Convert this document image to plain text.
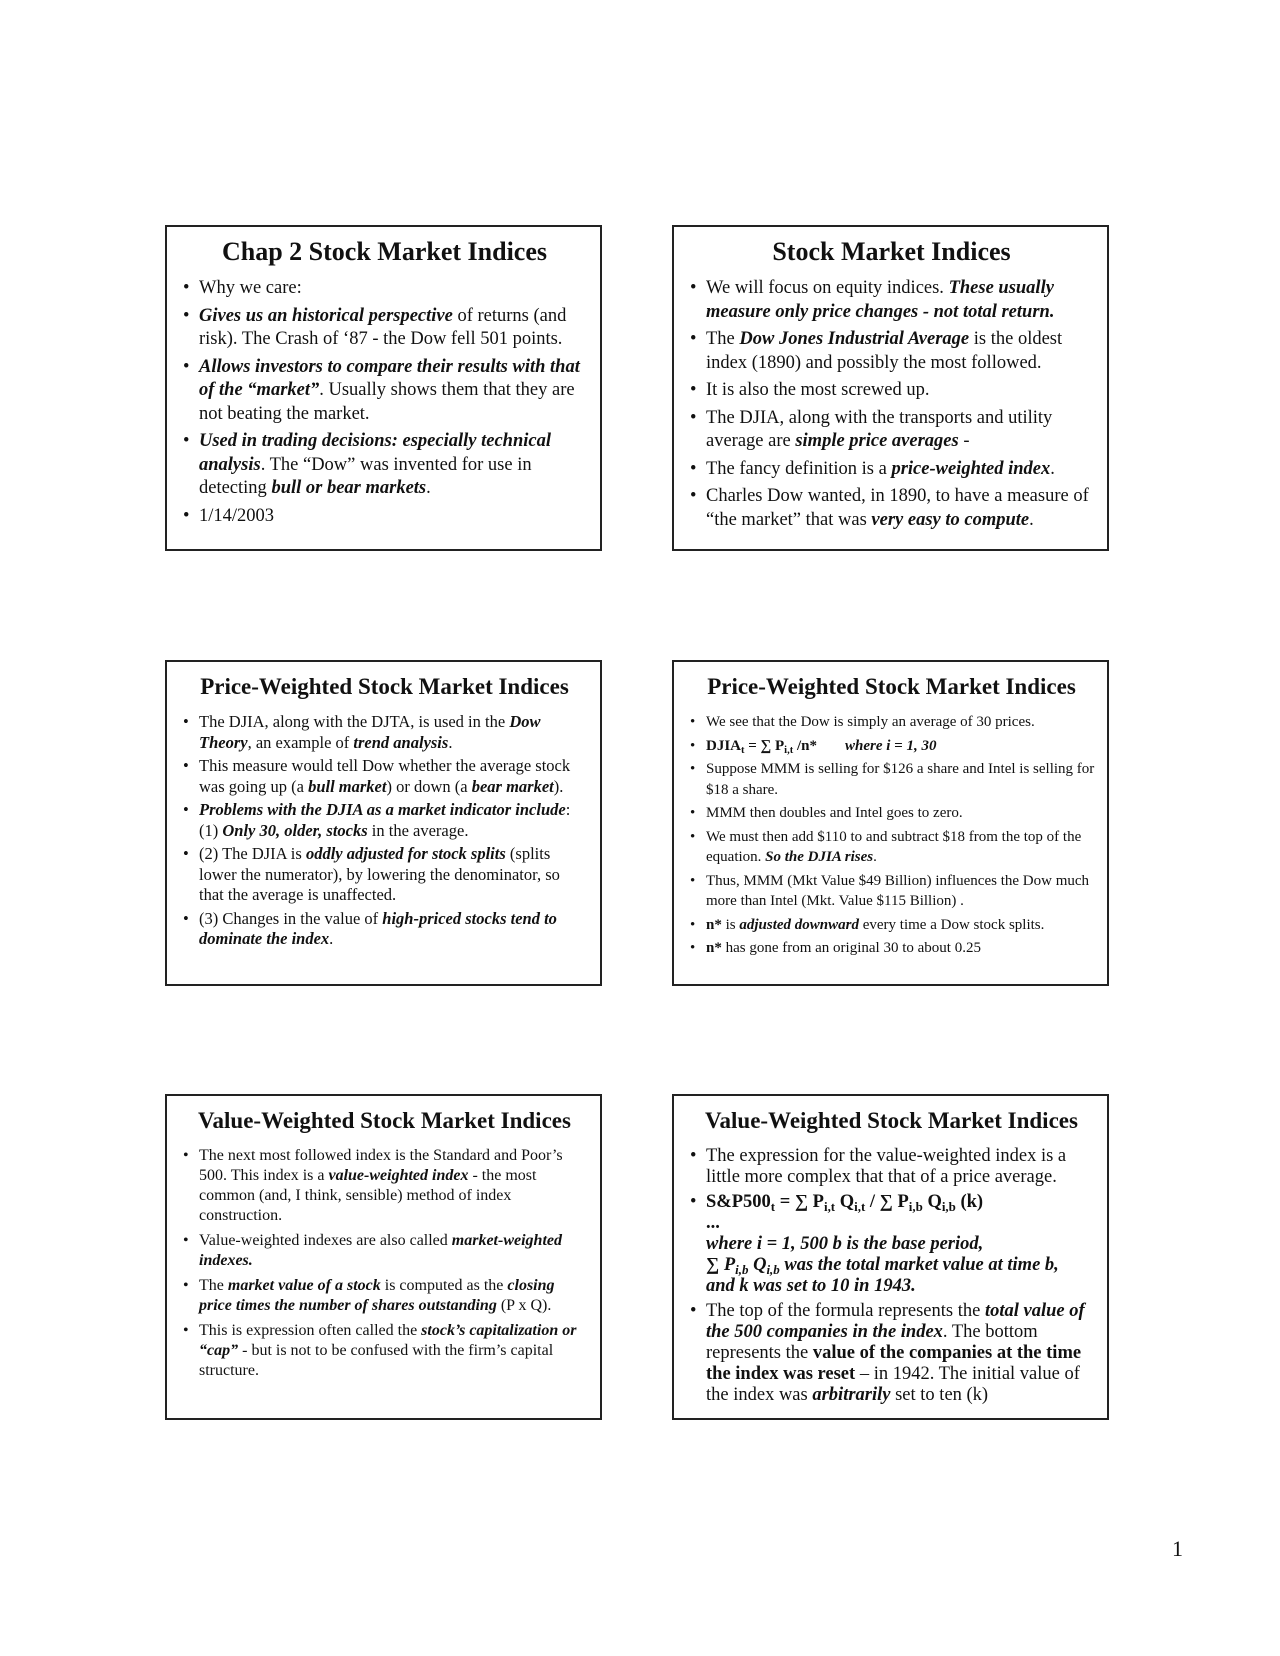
Chap 2 Stock Market Indices
• Why we care:
• Gives us an historical perspective of returns (and risk). The Crash of ‘87 - the Dow fell 501 points.
• Allows investors to compare their results with that of the “market”. Usually shows them that they are not beating the market.
• Used in trading decisions: especially technical analysis. The “Dow” was invented for use in detecting bull or bear markets.
• 1/14/2003
Stock Market Indices
• We will focus on equity indices. These usually measure only price changes - not total return.
• The Dow Jones Industrial Average is the oldest index (1890) and possibly the most followed.
• It is also the most screwed up.
• The DJIA, along with the transports and utility average are simple price averages -
• The fancy definition is a price-weighted index.
• Charles Dow wanted, in 1890, to have a measure of “the market” that was very easy to compute.
Price-Weighted Stock Market Indices
• The DJIA, along with the DJTA, is used in the Dow Theory, an example of trend analysis.
• This measure would tell Dow whether the average stock was going up (a bull market) or down (a bear market).
• Problems with the DJIA as a market indicator include: (1) Only 30, older, stocks in the average.
• (2) The DJIA is oddly adjusted for stock splits (splits lower the numerator), by lowering the denominator, so that the average is unaffected.
• (3) Changes in the value of high-priced stocks tend to dominate the index.
Price-Weighted Stock Market Indices
• We see that the Dow is simply an average of 30 prices.
• $DJIA_t$ = ∑ $P_{i,t}$ /n* where i = 1, 30
• Suppose MMM is selling for $126 a share and Intel is selling for $18 a share.
• MMM then doubles and Intel goes to zero.
• We must then add $110 to and subtract $18 from the top of the equation. So the DJIA rises.
• Thus, MMM (Mkt Value $49 Billion) influences the Dow much more than Intel (Mkt. Value $115 Billion) .
• n* is adjusted downward every time a Dow stock splits.
• n* has gone from an original 30 to about 0.25
Value-Weighted Stock Market Indices
• The next most followed index is the Standard and Poor’s 500. This index is a value-weighted index - the most common (and, I think, sensible) method of index construction.
• Value-weighted indexes are also called market-weighted indexes.
• The market value of a stock is computed as the closing price times the number of shares outstanding (P x Q).
• This is expression often called the stock’s capitalization or “cap” - but is not to be confused with the firm’s capital structure.
Value-Weighted Stock Market Indices
• The expression for the value-weighted index is a little more complex that that of a price average.
• $S\&P500_t$ = ∑ $P_{i,t}$ $Q_{i,t}$ / ∑ $P_{i,b}$ $Q_{i,b}$ (k)
...
where i = 1, 500 b is the base period,
∑ $P_{i,b}$ $Q_{i,b}$ was the total market value at time b,
and k was set to 10 in 1943.
• The top of the formula represents the total value of the 500 companies in the index. The bottom represents the value of the companies at the time the index was reset – in 1942. The initial value of the index was arbitrarily set to ten (k)
1
